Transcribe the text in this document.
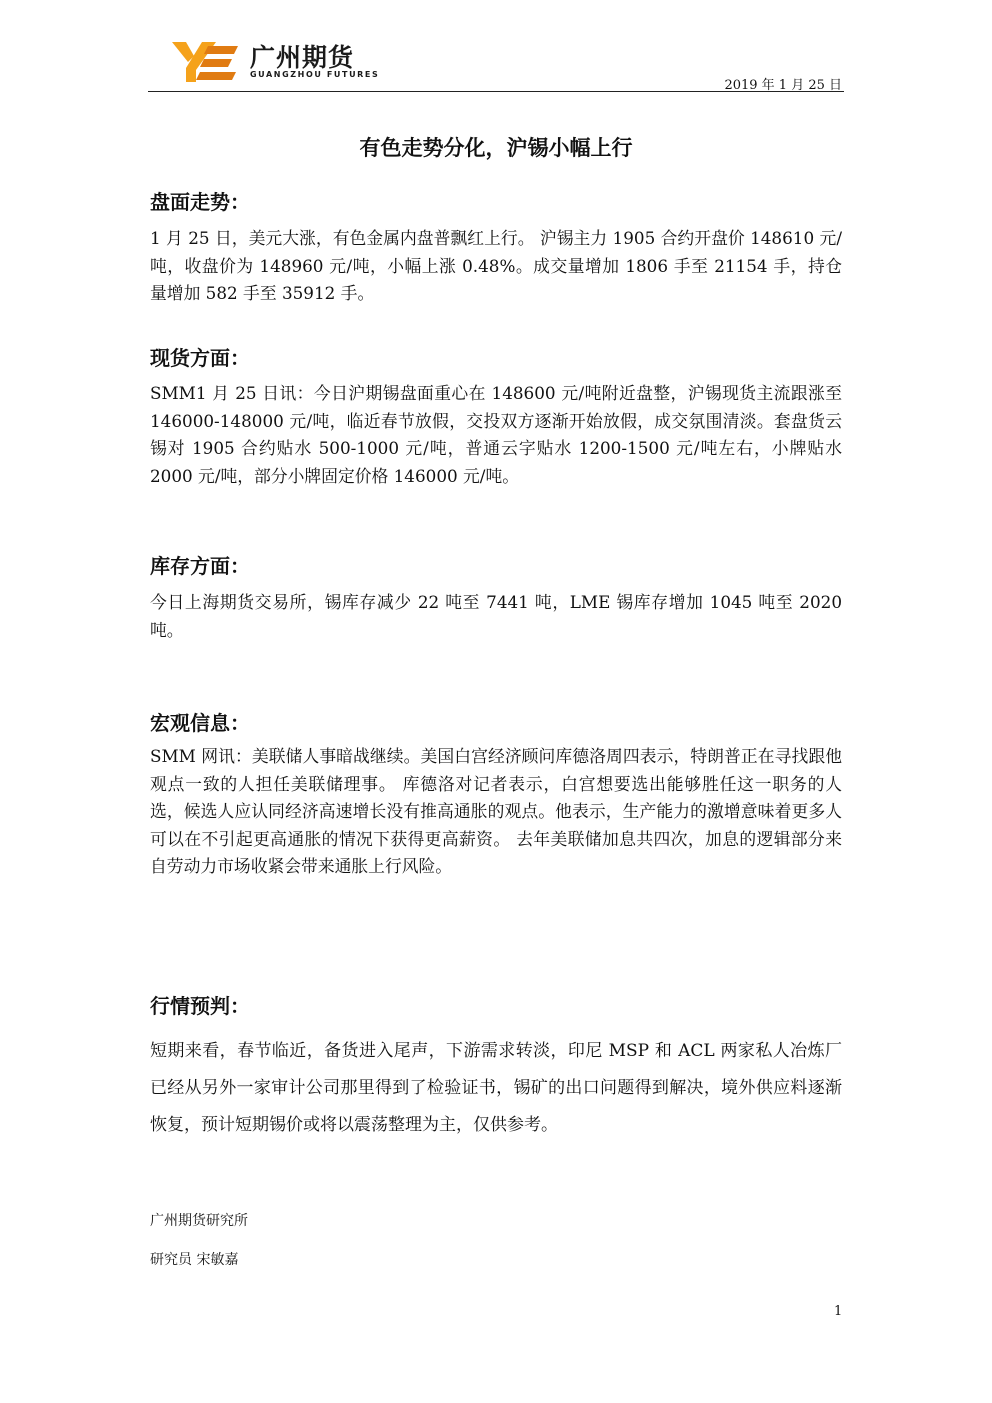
广州期货
GUANGZHOU FUTURES
2019 年 1 月 25 日
有色走势分化，沪锡小幅上行
盘面走势：

1 月 25 日，美元大涨，有色金属内盘普飘红上行。 沪锡主力 1905 合约开盘价 148610 元/吨，收盘价为 148960 元/吨，小幅上涨 0.48%。成交量增加 1806 手至 21154 手，持仓量增加 582 手至 35912 手。

现货方面：

SMM1 月 25 日讯：今日沪期锡盘面重心在 148600 元/吨附近盘整，沪锡现货主流跟涨至 146000-148000 元/吨，临近春节放假，交投双方逐渐开始放假，成交氛围清淡。套盘货云锡对 1905 合约贴水 500-1000 元/吨，普通云字贴水 1200-1500 元/吨左右，小牌贴水 2000 元/吨，部分小牌固定价格 146000 元/吨。

库存方面：

今日上海期货交易所，锡库存减少 22 吨至 7441 吨，LME 锡库存增加 1045 吨至 2020 吨。

宏观信息：

SMM 网讯：美联储人事暗战继续。美国白宫经济顾问库德洛周四表示，特朗普正在寻找跟他观点一致的人担任美联储理事。 库德洛对记者表示，白宫想要选出能够胜任这一职务的人选，候选人应认同经济高速增长没有推高通胀的观点。他表示，生产能力的激增意味着更多人可以在不引起更高通胀的情况下获得更高薪资。 去年美联储加息共四次，加息的逻辑部分来自劳动力市场收紧会带来通胀上行风险。

行情预判：

短期来看，春节临近，备货进入尾声，下游需求转淡，印尼 MSP 和 ACL 两家私人冶炼厂已经从另外一家审计公司那里得到了检验证书，锡矿的出口问题得到解决，境外供应料逐渐恢复，预计短期锡价或将以震荡整理为主，仅供参考。

广州期货研究所
研究员 宋敏嘉
1
